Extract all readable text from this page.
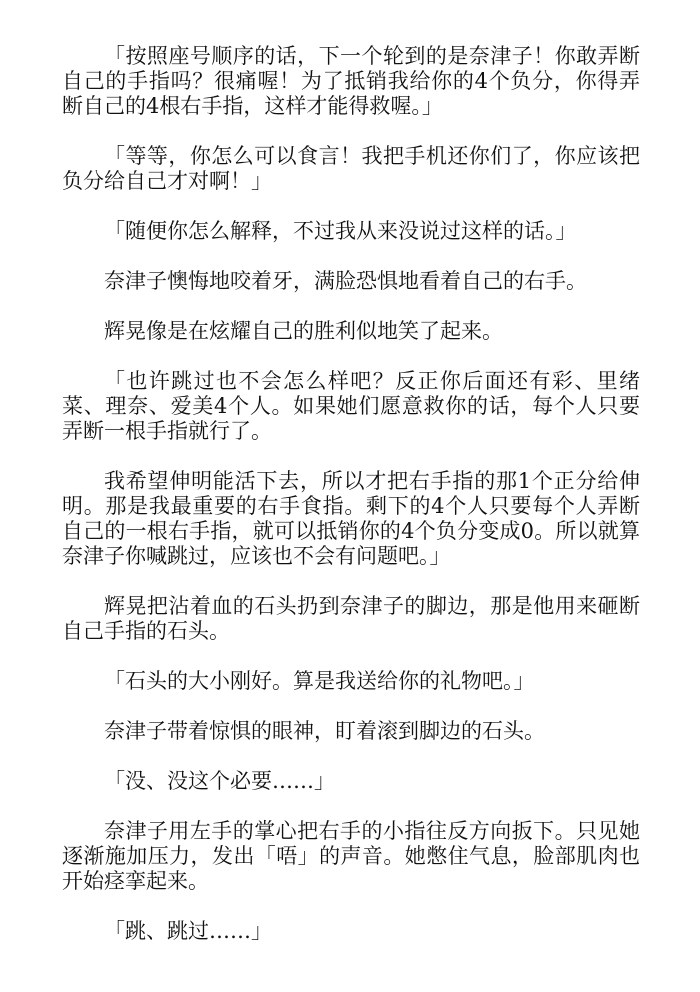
「按照座号顺序的话，下一个轮到的是奈津子！你敢弄断自己的手指吗？很痛喔！为了抵销我给你的4个负分，你得弄断自己的4根右手指，这样才能得救喔。」

「等等，你怎么可以食言！我把手机还你们了，你应该把负分给自己才对啊！」

「随便你怎么解释，不过我从来没说过这样的话。」

奈津子懊悔地咬着牙，满脸恐惧地看着自己的右手。

辉晃像是在炫耀自己的胜利似地笑了起来。

「也许跳过也不会怎么样吧？反正你后面还有彩、里绪菜、理奈、爱美4个人。如果她们愿意救你的话，每个人只要弄断一根手指就行了。

我希望伸明能活下去，所以才把右手指的那1个正分给伸明。那是我最重要的右手食指。剩下的4个人只要每个人弄断自己的一根右手指，就可以抵销你的4个负分变成0。所以就算奈津子你喊跳过，应该也不会有问题吧。」

辉晃把沾着血的石头扔到奈津子的脚边，那是他用来砸断自己手指的石头。

「石头的大小刚好。算是我送给你的礼物吧。」

奈津子带着惊惧的眼神，盯着滚到脚边的石头。

「没、没这个必要……」

奈津子用左手的掌心把右手的小指往反方向扳下。只见她逐渐施加压力，发出「唔」的声音。她憋住气息，脸部肌肉也开始痉挛起来。

「跳、跳过……」
